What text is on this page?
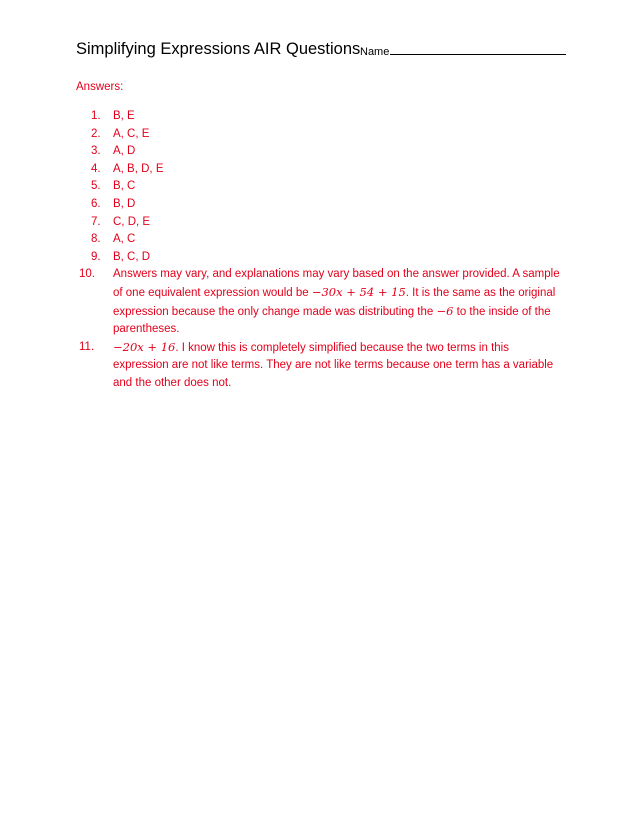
Simplifying Expressions AIR Questions Name
Answers:
1. B, E
2. A, C, E
3. A, D
4. A, B, D, E
5. B, C
6. B, D
7. C, D, E
8. A, C
9. B, C, D
10. Answers may vary, and explanations may vary based on the answer provided. A sample of one equivalent expression would be −30x + 54 + 15. It is the same as the original expression because the only change made was distributing the −6 to the inside of the parentheses.
11. −20x + 16. I know this is completely simplified because the two terms in this expression are not like terms. They are not like terms because one term has a variable and the other does not.
